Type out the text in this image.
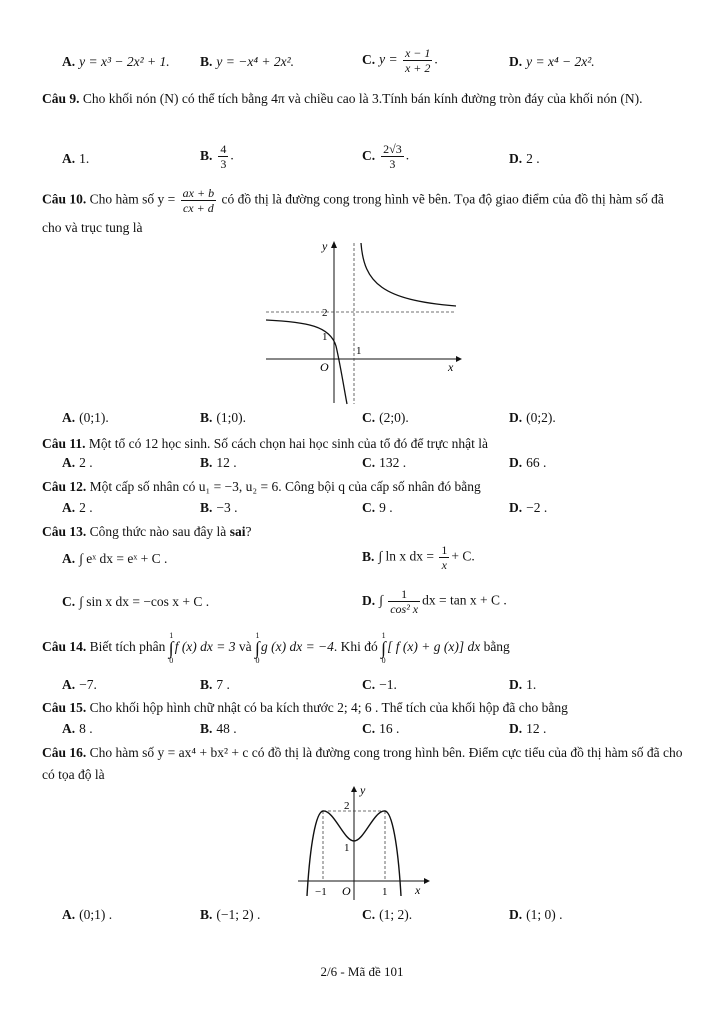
A. y = x³ − 2x² + 1. B. y = −x⁴ + 2x².	C. $y = \frac{x - 1}{x + 2}$ .	D. y = x⁴ − 2x².
Câu 9. Cho khối nón (N) có thể tích bằng 4π và chiều cao là 3.Tính bán kính đường tròn đáy của khối nón (N).
A. 1.	B. $\frac{4}{3}$ .	C. $\frac{2√3}{3}$ .	D. 2 .
Câu 10. Cho hàm số $y = \frac{ax + b}{cx + d}$ có đồ thị là đường cong trong hình vẽ bên. Tọa độ giao điểm của đồ thị hàm số đã cho và trục tung là
y
x
O
2
1
1
A. (0;1).	B. (1;0).	C. (2;0).	D. (0;2).
Câu 11. Một tổ có 12 học sinh. Số cách chọn hai học sinh của tổ đó để trực nhật là
A. 2 .	B. 12 .	C. 132 .	D. 66 .
Câu 12. Một cấp số nhân có u₁ = −3, u₂ = 6. Công bội q của cấp số nhân đó bằng
A. 2 .	B. −3 .	C. 9 .	D. −2 .
Câu 13. Công thức nào sau đây là sai?
A. ∫ eˣ dx = eˣ + C .	B. ∫ ln x dx = $\frac{1}{x} + C$.
C. ∫ sin x dx = −cos x + C .	D. ∫ $\frac{1}{\text{cos² x}}$ dx = tan x + C .
Câu 14. Biết tích phân 1
∫
0f (x) dx = 3 và 1
∫
0g (x) dx = −4. Khi đó 1
∫
0[ f (x) + g (x)] dx bằng
A. −7.	B. 7 .	C. −1.	D. 1.
Câu 15. Cho khối hộp hình chữ nhật có ba kích thước 2; 4; 6 . Thể tích của khối hộp đã cho bằng
A. 8 .	B. 48 .	C. 16 .	D. 12 .
Câu 16. Cho hàm số y = ax⁴ + bx² + c có đồ thị là đường cong trong hình bên. Điểm cực tiểu của đồ thị hàm số đã cho có tọa độ là
y
x
O
2
1
−1	1
A. (0;1) .	B. (−1; 2) .	C. (1; 2).	D. (1; 0) .
2/6 - Mã đề 101
